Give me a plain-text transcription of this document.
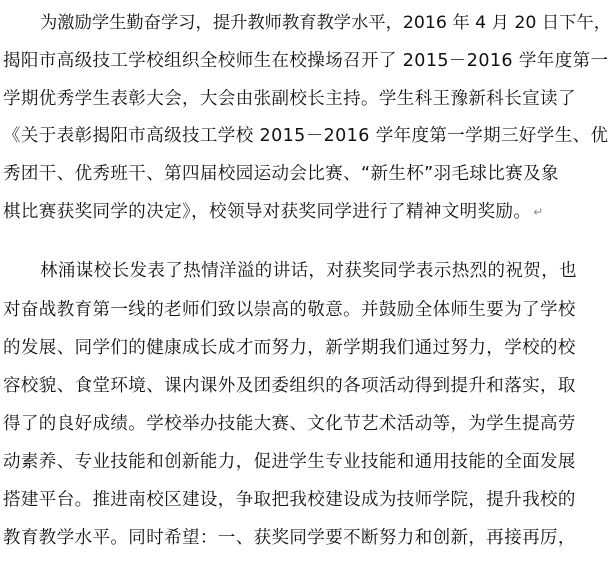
为激励学生勤奋学习，提升教师教育教学水平，2016 年 4 月 20 日下午，
揭阳市高级技工学校组织全校师生在校操场召开了 2015－2016 学年度第一
学期优秀学生表彰大会，大会由张副校长主持。学生科王豫新科长宣读了
《关于表彰揭阳市高级技工学校 2015－2016 学年度第一学期三好学生、优
秀团干、优秀班干、第四届校园运动会比赛、“新生杯”羽毛球比赛及象
棋比赛获奖同学的决定》，校领导对获奖同学进行了精神文明奖励。 ↵
林涌谋校长发表了热情洋溢的讲话，对获奖同学表示热烈的祝贺，也
对奋战教育第一线的老师们致以崇高的敬意。并鼓励全体师生要为了学校
的发展、同学们的健康成长成才而努力，新学期我们通过努力，学校的校
容校貌、食堂环境、课内课外及团委组织的各项活动得到提升和落实，取
得了的良好成绩。学校举办技能大赛、文化节艺术活动等，为学生提高劳
动素养、专业技能和创新能力，促进学生专业技能和通用技能的全面发展
搭建平台。推进南校区建设，争取把我校建设成为技师学院，提升我校的
教育教学水平。同时希望：一、获奖同学要不断努力和创新，再接再厉，
